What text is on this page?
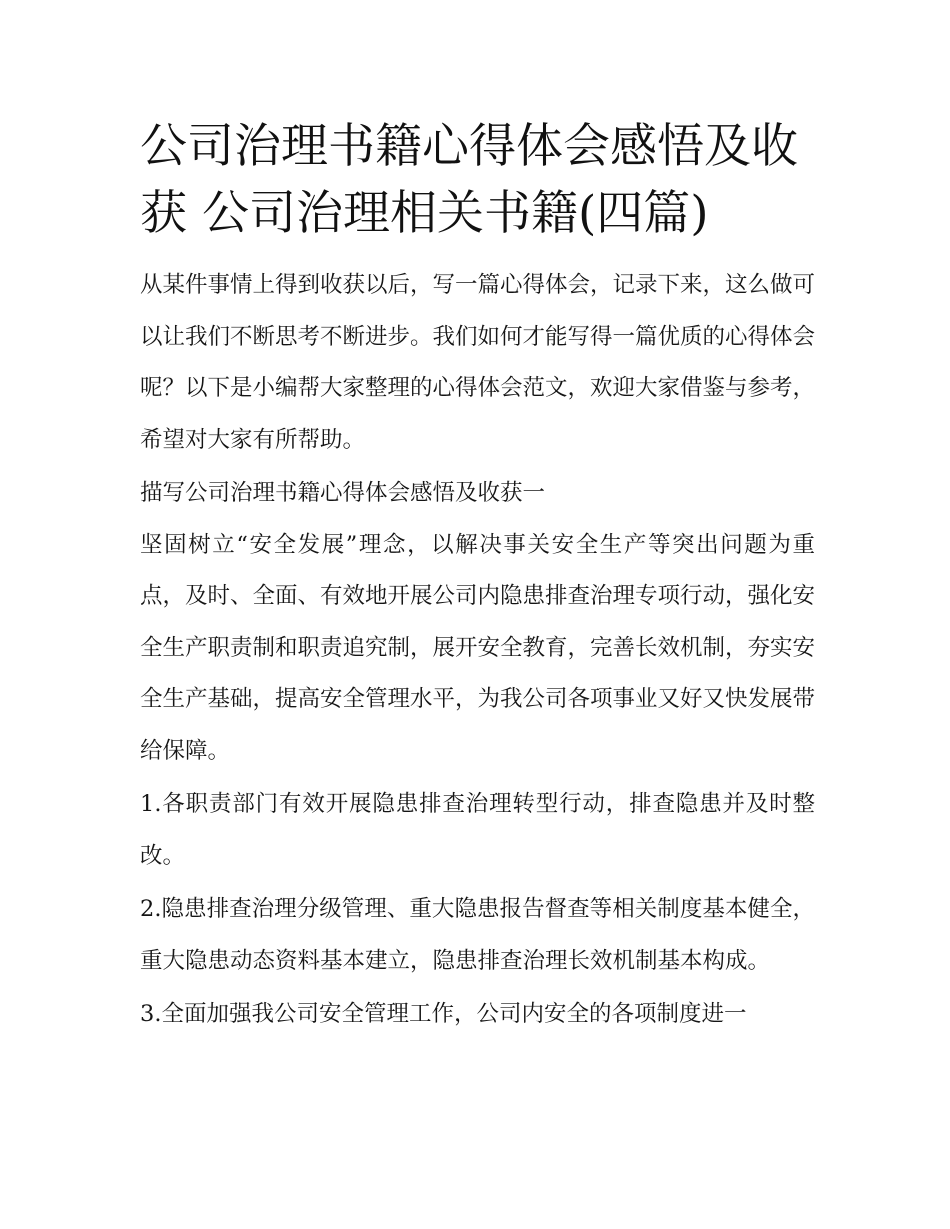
公司治理书籍心得体会感悟及收获 公司治理相关书籍(四篇)

从某件事情上得到收获以后，写一篇心得体会，记录下来，这么做可以让我们不断思考不断进步。我们如何才能写得一篇优质的心得体会呢？以下是小编帮大家整理的心得体会范文，欢迎大家借鉴与参考，希望对大家有所帮助。

描写公司治理书籍心得体会感悟及收获一

坚固树立“安全发展”理念，以解决事关安全生产等突出问题为重点，及时、全面、有效地开展公司内隐患排查治理专项行动，强化安全生产职责制和职责追究制，展开安全教育，完善长效机制，夯实安全生产基础，提高安全管理水平，为我公司各项事业又好又快发展带给保障。

1.各职责部门有效开展隐患排查治理转型行动，排查隐患并及时整改。

2.隐患排查治理分级管理、重大隐患报告督查等相关制度基本健全，重大隐患动态资料基本建立，隐患排查治理长效机制基本构成。

3.全面加强我公司安全管理工作，公司内安全的各项制度进一
